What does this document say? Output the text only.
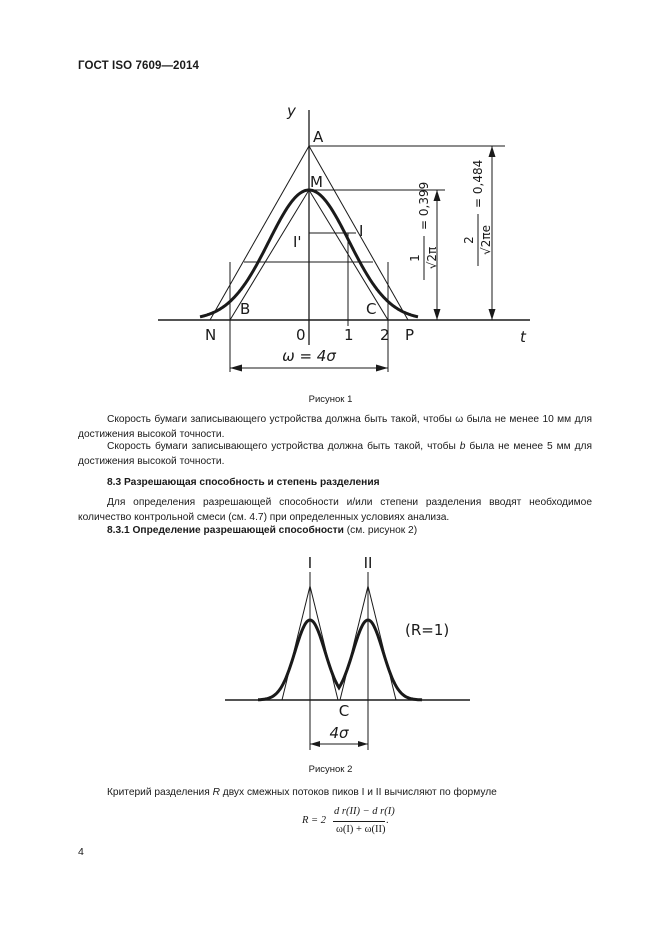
ГОСТ ISO 7609—2014
y
t
A
M
I
I'
B	C
N	P
0	1 2
ω = 4σ
1 √2π
= 0,399
2 √2πe
= 0,484
Рисунок 1
Скорость бумаги записывающего устройства должна быть такой, чтобы ω была не менее 10 мм для достижения высокой точности.
Скорость бумаги записывающего устройства должна быть такой, чтобы b была не менее 5 мм для достижения высокой точности.
8.3 Разрешающая способность и степень разделения
Для определения разрешающей способности и/или степени разделения вводят необходимое количество контрольной смеси (см. 4.7) при определенных условиях анализа.
8.3.1 Определение разрешающей способности (см. рисунок 2)
I	II
(R=1)
C
4σ
Рисунок 2
Критерий разделения R двух смежных потоков пиков I и II вычисляют по формуле
R = 2
d r(II) − d r(I)
ω(I) + ω(II)
.
4
